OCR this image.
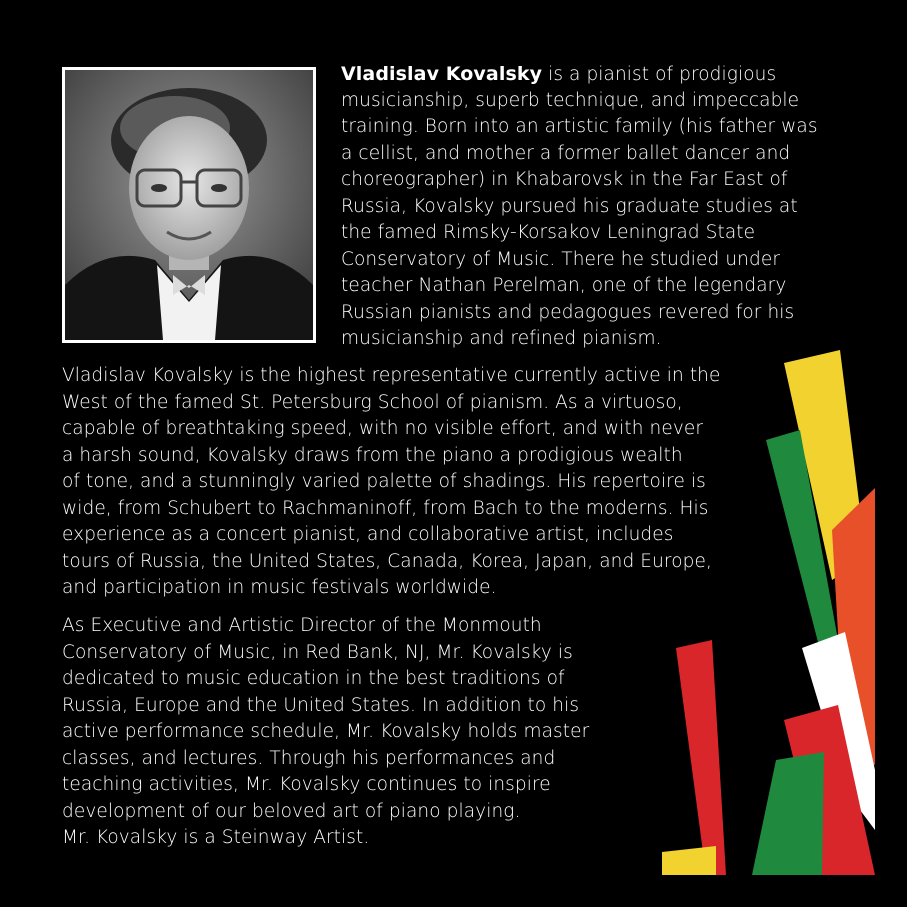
Vladislav Kovalsky is a pianist of prodigious
musicianship, superb technique, and impeccable
training. Born into an artistic family (his father was
a cellist, and mother a former ballet dancer and
choreographer) in Khabarovsk in the Far East of
Russia, Kovalsky pursued his graduate studies at
the famed Rimsky-Korsakov Leningrad State
Conservatory of Music. There he studied under
teacher Nathan Perelman, one of the legendary
Russian pianists and pedagogues revered for his
musicianship and refined pianism.
Vladislav Kovalsky is the highest representative currently active in the
West of the famed St. Petersburg School of pianism. As a virtuoso,
capable of breathtaking speed, with no visible effort, and with never
a harsh sound, Kovalsky draws from the piano a prodigious wealth
of tone, and a stunningly varied palette of shadings. His repertoire is
wide, from Schubert to Rachmaninoff, from Bach to the moderns. His
experience as a concert pianist, and collaborative artist, includes
tours of Russia, the United States, Canada, Korea, Japan, and Europe,
and participation in music festivals worldwide.
As Executive and Artistic Director of the Monmouth
Conservatory of Music, in Red Bank, NJ, Mr. Kovalsky is
dedicated to music education in the best traditions of
Russia, Europe and the United States. In addition to his
active performance schedule, Mr. Kovalsky holds master
classes, and lectures. Through his performances and
teaching activities, Mr. Kovalsky continues to inspire
development of our beloved art of piano playing.
Mr. Kovalsky is a Steinway Artist.
